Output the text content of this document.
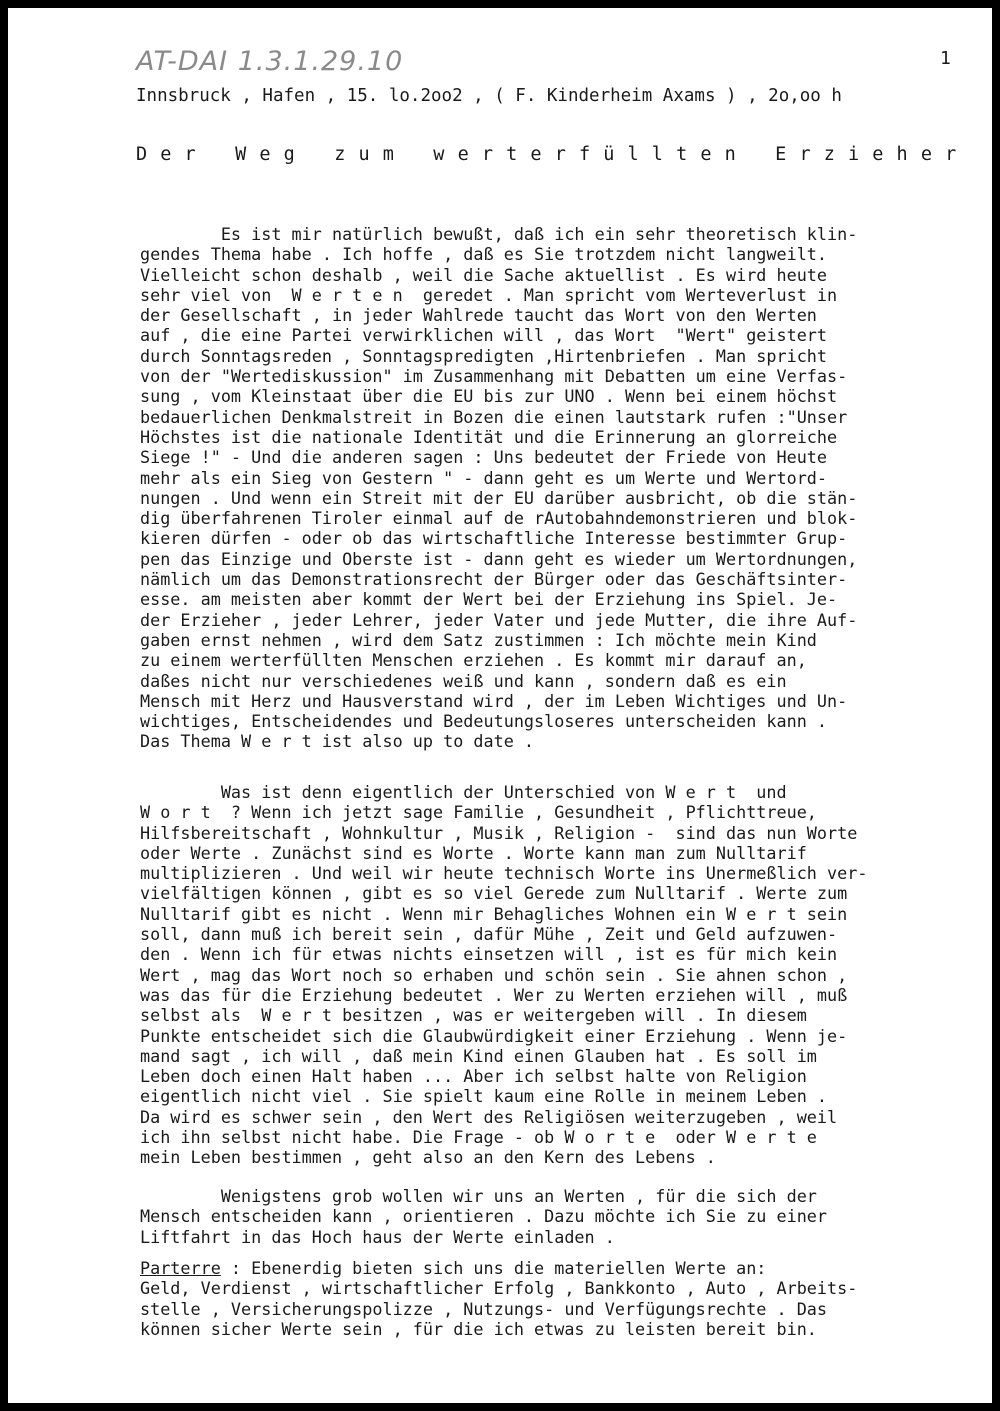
AT-DAI 1.3.1.29.10	1
Innsbruck , Hafen , 15. lo.2oo2 , ( F. Kinderheim Axams ) , 2o,oo h
D e r   W e g   z u m   w e r t e r f ü l l t e n   E r z i e h e r
Es ist mir natürlich bewußt, daß ich ein sehr theoretisch klin-
gendes Thema habe . Ich hoffe , daß es Sie trotzdem nicht langweilt.
Vielleicht schon deshalb , weil die Sache aktuellist . Es wird heute
sehr viel von  W e r t e n  geredet . Man spricht vom Werteverlust in
der Gesellschaft , in jeder Wahlrede taucht das Wort von den Werten
auf , die eine Partei verwirklichen will , das Wort  "Wert" geistert
durch Sonntagsreden , Sonntagspredigten ,Hirtenbriefen . Man spricht
von der "Wertediskussion" im Zusammenhang mit Debatten um eine Verfas-
sung , vom Kleinstaat über die EU bis zur UNO . Wenn bei einem höchst
bedauerlichen Denkmalstreit in Bozen die einen lautstark rufen :"Unser
Höchstes ist die nationale Identität und die Erinnerung an glorreiche
Siege !" - Und die anderen sagen : Uns bedeutet der Friede von Heute
mehr als ein Sieg von Gestern " - dann geht es um Werte und Wertord-
nungen . Und wenn ein Streit mit der EU darüber ausbricht, ob die stän-
dig überfahrenen Tiroler einmal auf de rAutobahndemonstrieren und blok-
kieren dürfen - oder ob das wirtschaftliche Interesse bestimmter Grup-
pen das Einzige und Oberste ist - dann geht es wieder um Wertordnungen,
nämlich um das Demonstrationsrecht der Bürger oder das Geschäftsinter-
esse. am meisten aber kommt der Wert bei der Erziehung ins Spiel. Je-
der Erzieher , jeder Lehrer, jeder Vater und jede Mutter, die ihre Auf-
gaben ernst nehmen , wird dem Satz zustimmen : Ich möchte mein Kind
zu einem werterfüllten Menschen erziehen . Es kommt mir darauf an,
daßes nicht nur verschiedenes weiß und kann , sondern daß es ein
Mensch mit Herz und Hausverstand wird , der im Leben Wichtiges und Un-
wichtiges, Entscheidendes und Bedeutungsloseres unterscheiden kann .
Das Thema W e r t ist also up to date .
Was ist denn eigentlich der Unterschied von W e r t  und
W o r t  ? Wenn ich jetzt sage Familie , Gesundheit , Pflichttreue,
Hilfsbereitschaft , Wohnkultur , Musik , Religion -  sind das nun Worte
oder Werte . Zunächst sind es Worte . Worte kann man zum Nulltarif
multiplizieren . Und weil wir heute technisch Worte ins Unermeßlich ver-
vielfältigen können , gibt es so viel Gerede zum Nulltarif . Werte zum
Nulltarif gibt es nicht . Wenn mir Behagliches Wohnen ein W e r t sein
soll, dann muß ich bereit sein , dafür Mühe , Zeit und Geld aufzuwen-
den . Wenn ich für etwas nichts einsetzen will , ist es für mich kein
Wert , mag das Wort noch so erhaben und schön sein . Sie ahnen schon ,
was das für die Erziehung bedeutet . Wer zu Werten erziehen will , muß
selbst als  W e r t besitzen , was er weitergeben will . In diesem
Punkte entscheidet sich die Glaubwürdigkeit einer Erziehung . Wenn je-
mand sagt , ich will , daß mein Kind einen Glauben hat . Es soll im
Leben doch einen Halt haben ... Aber ich selbst halte von Religion
eigentlich nicht viel . Sie spielt kaum eine Rolle in meinem Leben .
Da wird es schwer sein , den Wert des Religiösen weiterzugeben , weil
ich ihn selbst nicht habe. Die Frage - ob W o r t e  oder W e r t e
mein Leben bestimmen , geht also an den Kern des Lebens .
Wenigstens grob wollen wir uns an Werten , für die sich der
Mensch entscheiden kann , orientieren . Dazu möchte ich Sie zu einer
Liftfahrt in das Hoch haus der Werte einladen .
Parterre : Ebenerdig bieten sich uns die materiellen Werte an:
Geld, Verdienst , wirtschaftlicher Erfolg , Bankkonto , Auto , Arbeits-
stelle , Versicherungspolizze , Nutzungs- und Verfügungsrechte . Das
können sicher Werte sein , für die ich etwas zu leisten bereit bin.
